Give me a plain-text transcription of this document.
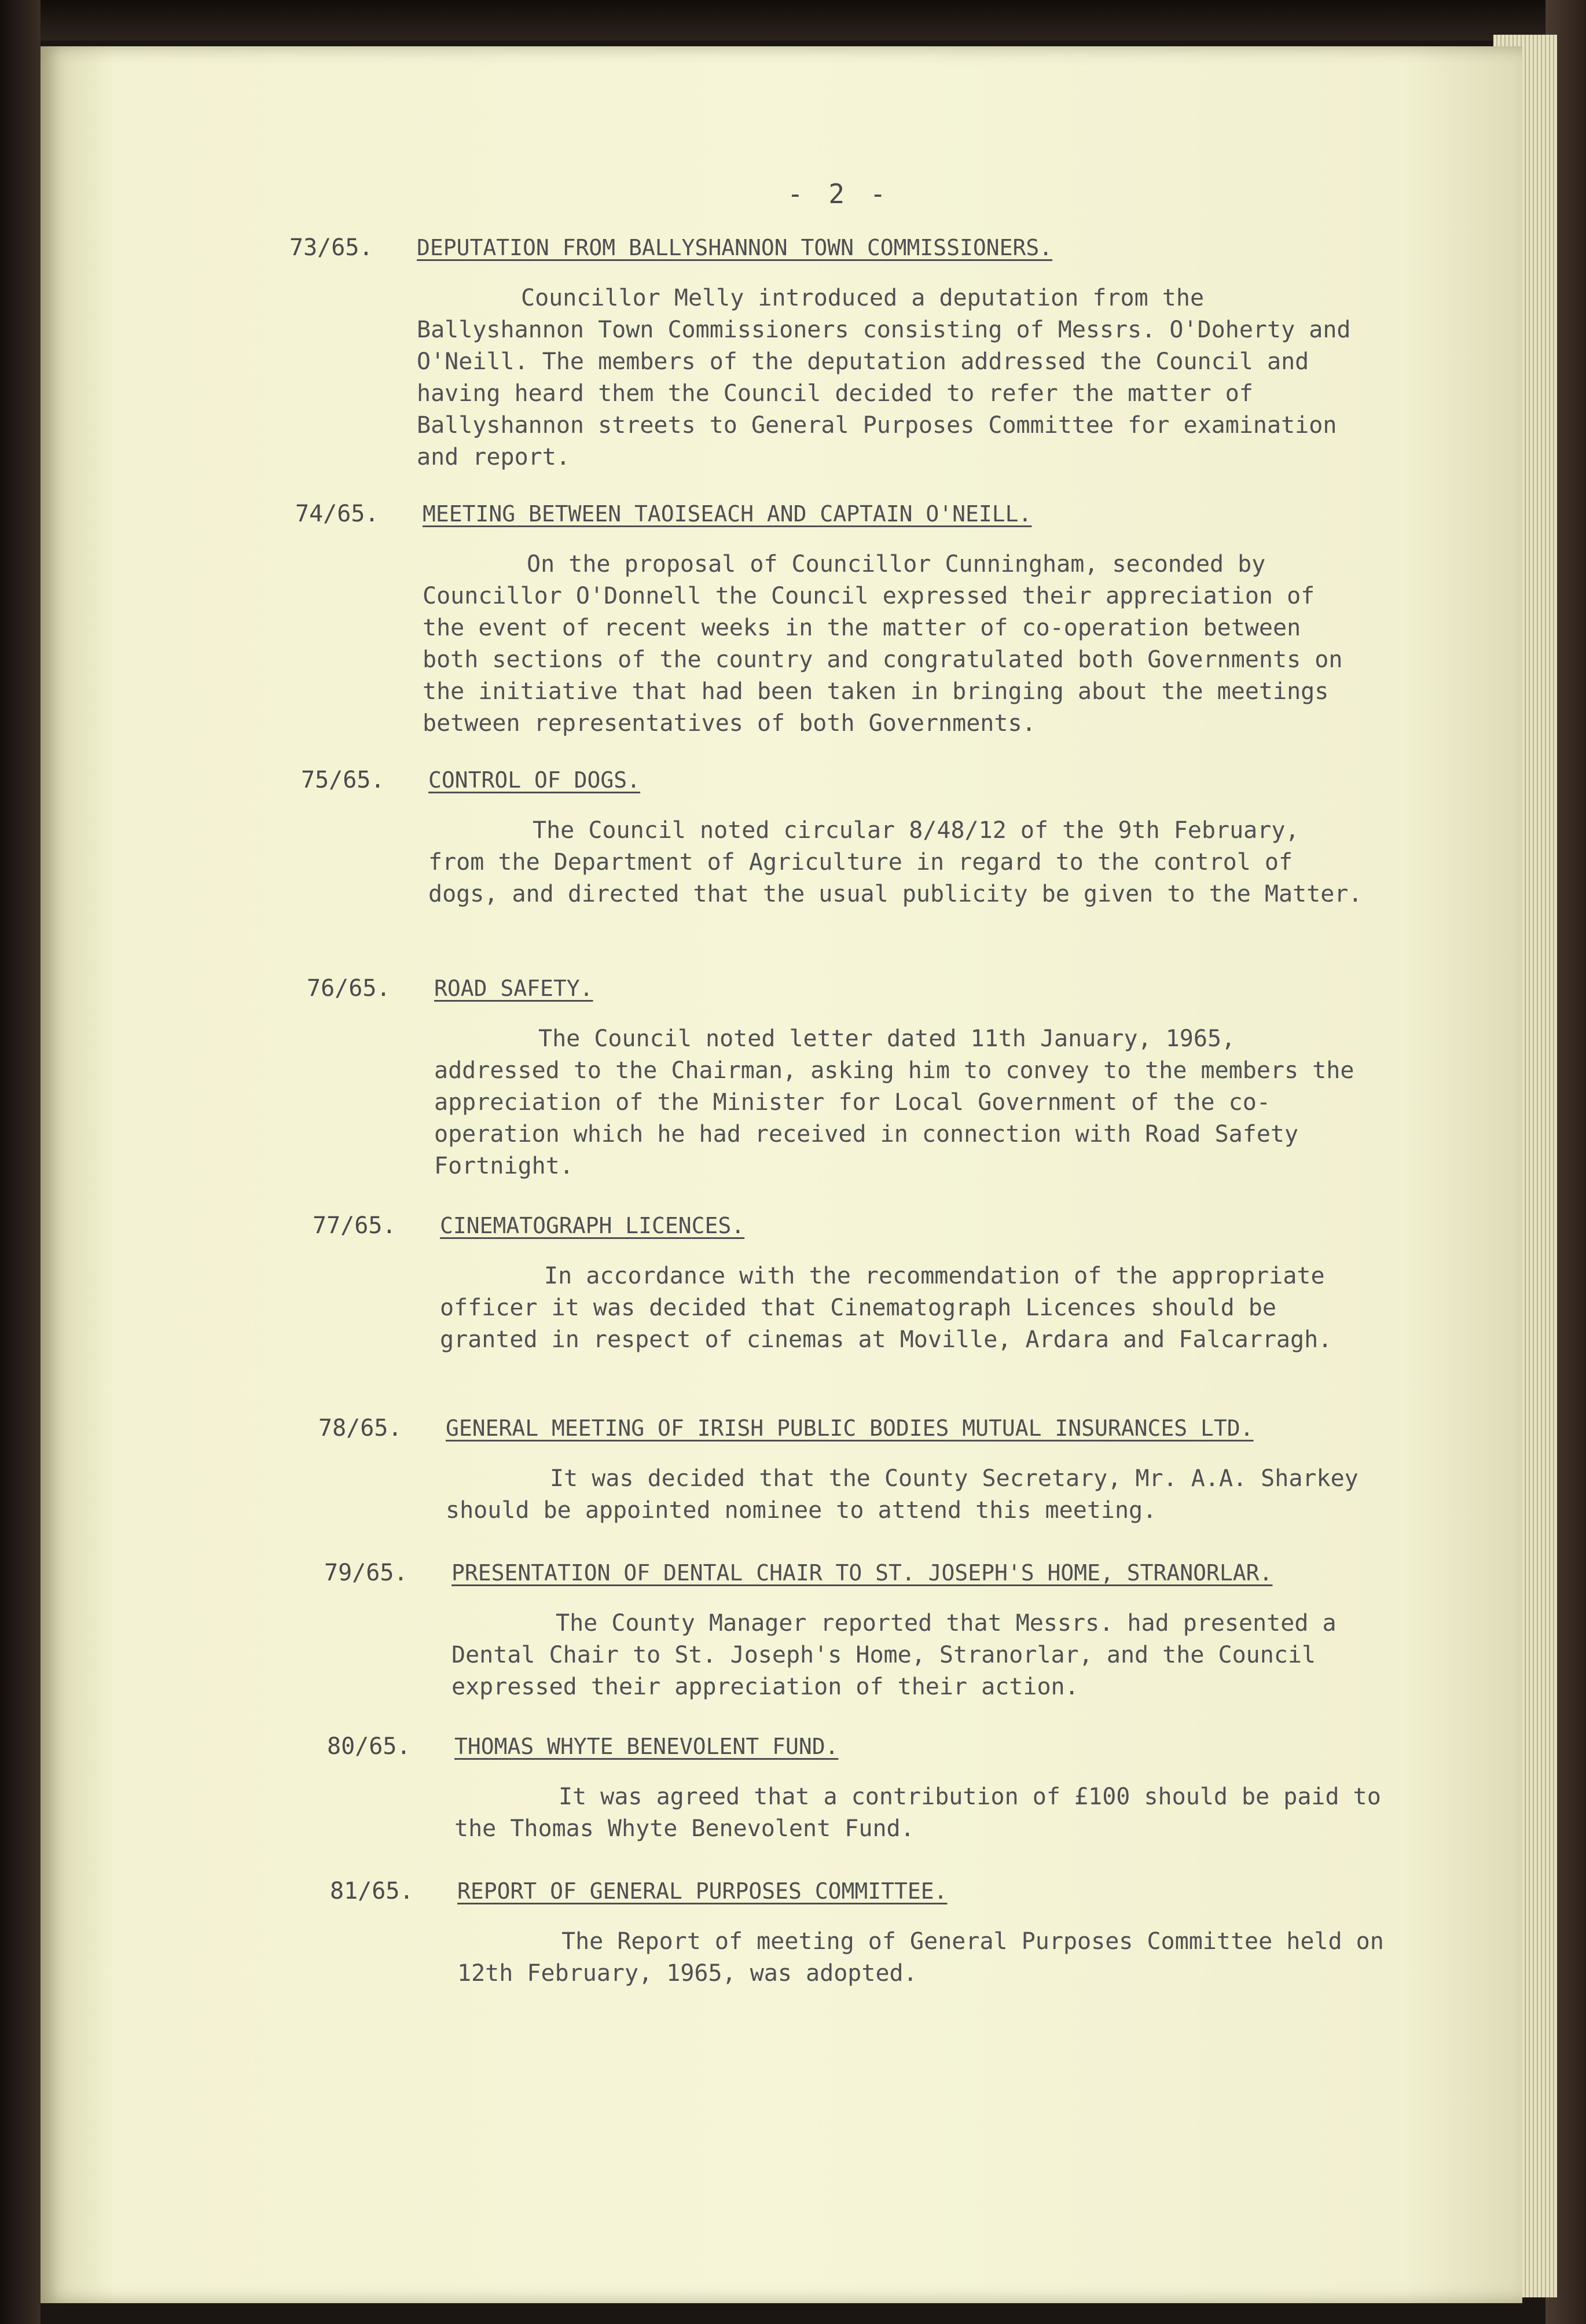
- 2 -
73/65. DEPUTATION FROM BALLYSHANNON TOWN COMMISSIONERS.
Councillor Melly introduced a deputation from the Ballyshannon Town Commissioners consisting of Messrs. O'Doherty and O'Neill. The members of the deputation addressed the Council and having heard them the Council decided to refer the matter of Ballyshannon streets to General Purposes Committee for examination and report.
74/65. MEETING BETWEEN TAOISEACH AND CAPTAIN O'NEILL.
On the proposal of Councillor Cunningham, seconded by Councillor O'Donnell the Council expressed their appreciation of the event of recent weeks in the matter of co-operation between both sections of the country and congratulated both Governments on the initiative that had been taken in bringing about the meetings between representatives of both Governments.
75/65. CONTROL OF DOGS.
The Council noted circular 8/48/12 of the 9th February, from the Department of Agriculture in regard to the control of dogs, and directed that the usual publicity be given to the Matter.
76/65. ROAD SAFETY.
The Council noted letter dated 11th January, 1965, addressed to the Chairman, asking him to convey to the members the appreciation of the Minister for Local Government of the co-operation which he had received in connection with Road Safety Fortnight.
77/65. CINEMATOGRAPH LICENCES.
In accordance with the recommendation of the appropriate officer it was decided that Cinematograph Licences should be granted in respect of cinemas at Moville, Ardara and Falcarragh.
78/65. GENERAL MEETING OF IRISH PUBLIC BODIES MUTUAL INSURANCES LTD.
It was decided that the County Secretary, Mr. A.A. Sharkey should be appointed nominee to attend this meeting.
79/65. PRESENTATION OF DENTAL CHAIR TO ST. JOSEPH'S HOME, STRANORLAR.
The County Manager reported that Messrs. had presented a Dental Chair to St. Joseph's Home, Stranorlar, and the Council expressed their appreciation of their action.
80/65. THOMAS WHYTE BENEVOLENT FUND.
It was agreed that a contribution of £100 should be paid to the Thomas Whyte Benevolent Fund.
81/65. REPORT OF GENERAL PURPOSES COMMITTEE.
The Report of meeting of General Purposes Committee held on 12th February, 1965, was adopted.
